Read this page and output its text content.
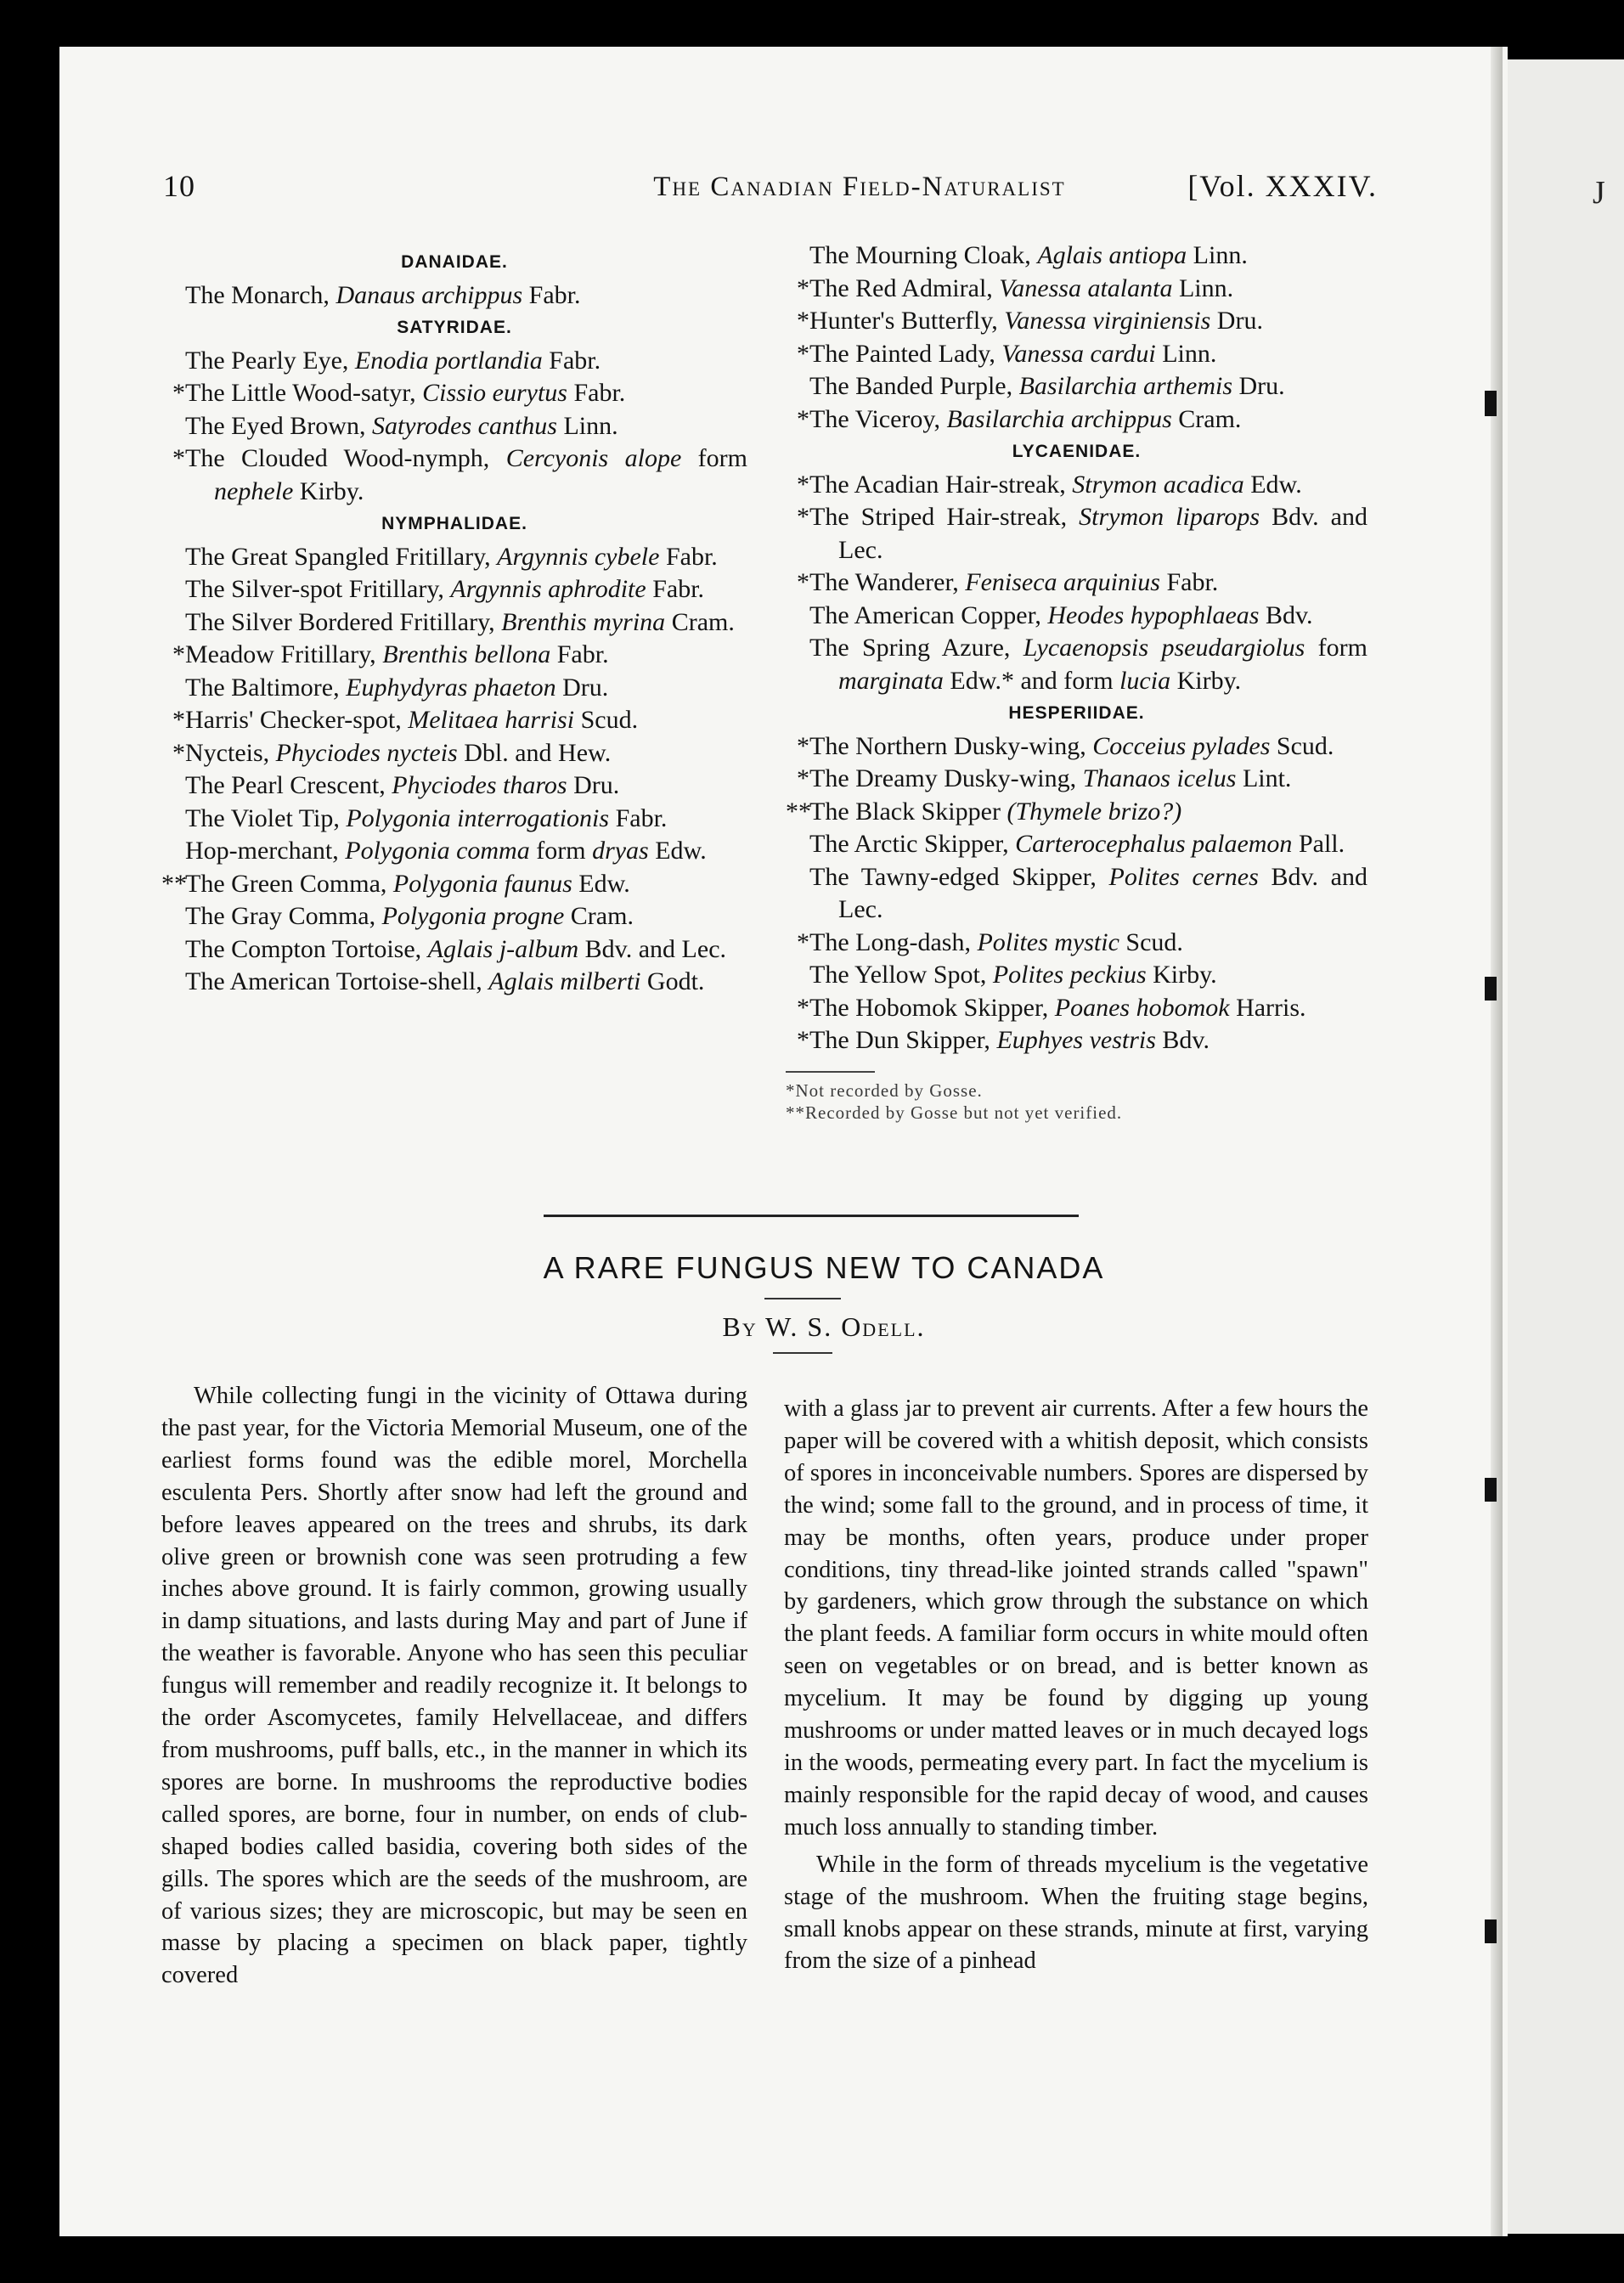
J
10	The Canadian Field-Naturalist	[Vol. XXXIV.
DANAIDAE.
The Monarch, Danaus archippus Fabr.
SATYRIDAE.
The Pearly Eye, Enodia portlandia Fabr.
* The Little Wood-satyr, Cissio eurytus Fabr.
The Eyed Brown, Satyrodes canthus Linn.
* The Clouded Wood-nymph, Cercyonis alope form nephele Kirby.
NYMPHALIDAE.
The Great Spangled Fritillary, Argynnis cybele Fabr.
The Silver-spot Fritillary, Argynnis aphrodite Fabr.
The Silver Bordered Fritillary, Brenthis myrina Cram.
* Meadow Fritillary, Brenthis bellona Fabr.
The Baltimore, Euphydyras phaeton Dru.
* Harris' Checker-spot, Melitaea harrisi Scud.
* Nycteis, Phyciodes nycteis Dbl. and Hew.
The Pearl Crescent, Phyciodes tharos Dru.
The Violet Tip, Polygonia interrogationis Fabr.
Hop-merchant, Polygonia comma form dryas Edw.
**
The Green Comma, Polygonia faunus Edw.
The Gray Comma, Polygonia progne Cram.
The Compton Tortoise, Aglais j-album Bdv. and Lec.
The American Tortoise-shell, Aglais milberti Godt.
The Mourning Cloak, Aglais antiopa Linn.
* The Red Admiral, Vanessa atalanta Linn.
* Hunter's Butterfly, Vanessa virginiensis Dru.
* The Painted Lady, Vanessa cardui Linn.
The Banded Purple, Basilarchia arthemis Dru.
* The Viceroy, Basilarchia archippus Cram.
LYCAENIDAE.
* The Acadian Hair-streak, Strymon acadica Edw.
* The Striped Hair-streak, Strymon liparops Bdv. and Lec.
* The Wanderer, Feniseca arquinius Fabr.
The American Copper, Heodes hypophlaeas Bdv.
The Spring Azure, Lycaenopsis pseudargiolus form marginata Edw.* and form lucia Kirby.
HESPERIIDAE.
* The Northern Dusky-wing, Cocceius pylades Scud.
* The Dreamy Dusky-wing, Thanaos icelus Lint.
**
The Black Skipper (Thymele brizo?)
The Arctic Skipper, Carterocephalus palaemon Pall.
The Tawny-edged Skipper, Polites cernes Bdv. and Lec.
* The Long-dash, Polites mystic Scud.
The Yellow Spot, Polites peckius Kirby.
* The Hobomok Skipper, Poanes hobomok Harris.
* The Dun Skipper, Euphyes vestris Bdv.
*Not recorded by Gosse.
**Recorded by Gosse but not yet verified.
A RARE FUNGUS NEW TO CANADA
By W. S. Odell.

While collecting fungi in the vicinity of Ottawa during the past year, for the Victoria Memorial Museum, one of the earliest forms found was the edible morel, Morchella esculenta Pers. Shortly after snow had left the ground and before leaves appeared on the trees and shrubs, its dark olive green or brownish cone was seen protruding a few inches above ground. It is fairly common, growing usually in damp situations, and lasts during May and part of June if the weather is favorable. Anyone who has seen this peculiar fungus will remember and readily recognize it. It belongs to the order Ascomycetes, family Helvellaceae, and differs from mushrooms, puff balls, etc., in the manner in which its spores are borne. In mushrooms the reproductive bodies called spores, are borne, four in number, on ends of club-shaped bodies called basidia, covering both sides of the gills. The spores which are the seeds of the mushroom, are of various sizes; they are microscopic, but may be seen en masse by placing a specimen on black paper, tightly covered

with a glass jar to prevent air currents. After a few hours the paper will be covered with a whitish deposit, which consists of spores in inconceivable numbers. Spores are dispersed by the wind; some fall to the ground, and in process of time, it may be months, often years, produce under proper conditions, tiny thread-like jointed strands called "spawn" by gardeners, which grow through the substance on which the plant feeds. A familiar form occurs in white mould often seen on vegetables or on bread, and is better known as mycelium. It may be found by digging up young mushrooms or under matted leaves or in much decayed logs in the woods, permeating every part. In fact the mycelium is mainly responsible for the rapid decay of wood, and causes much loss annually to standing timber.

While in the form of threads mycelium is the vegetative stage of the mushroom. When the fruiting stage begins, small knobs appear on these strands, minute at first, varying from the size of a pinhead
